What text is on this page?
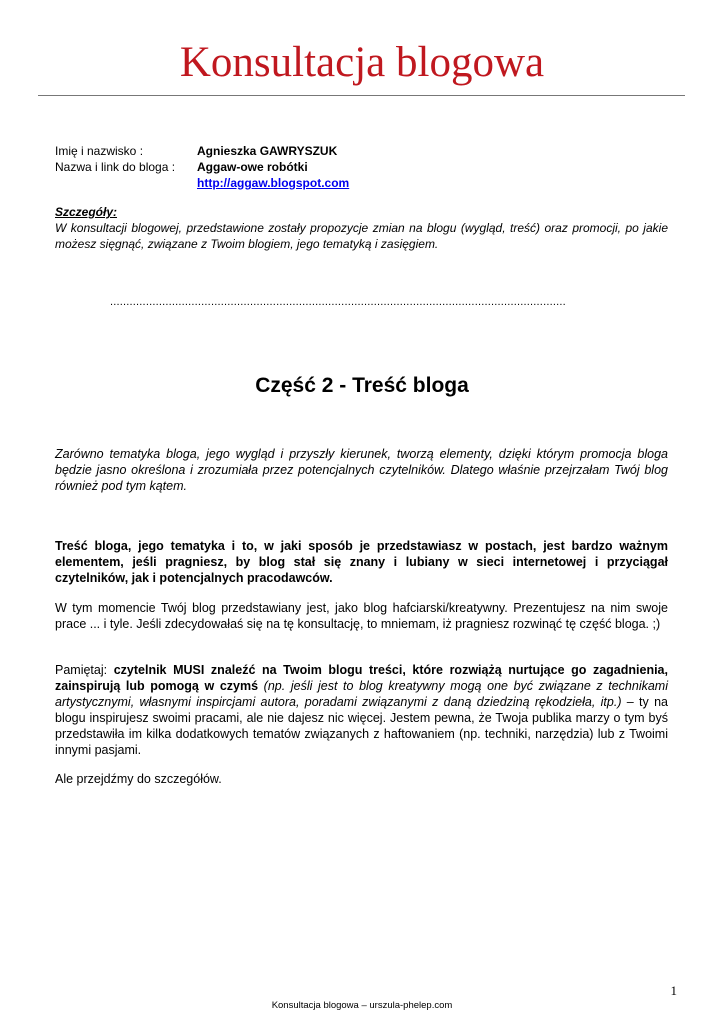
Konsultacja blogowa
Imię i nazwisko :	Agnieszka GAWRYSZUK
Nazwa i link do bloga :	Aggaw-owe robótki
http://aggaw.blogspot.com
Szczegóły:
W konsultacji blogowej, przedstawione zostały propozycje zmian na blogu (wygląd, treść) oraz promocji, po jakie możesz sięgnąć, związane z Twoim blogiem, jego tematyką i zasięgiem.
............................................................................................................................................
Część 2 - Treść bloga

Zarówno tematyka bloga, jego wygląd i przyszły kierunek, tworzą elementy, dzięki którym promocja bloga będzie jasno określona i zrozumiała przez potencjalnych czytelników. Dlatego właśnie przejrzałam Twój blog również pod tym kątem.

Treść bloga, jego tematyka i to, w jaki sposób je przedstawiasz w postach, jest bardzo ważnym elementem, jeśli pragniesz, by blog stał się znany i lubiany w sieci internetowej i przyciągał czytelników, jak i potencjalnych pracodawców.

W tym momencie Twój blog przedstawiany jest, jako blog hafciarski/kreatywny. Prezentujesz na nim swoje prace ... i tyle. Jeśli zdecydowałaś się na tę konsultację, to mniemam, iż pragniesz rozwinąć tę część bloga. ;)

Pamiętaj: czytelnik MUSI znaleźć na Twoim blogu treści, które rozwiążą nurtujące go zagadnienia, zainspirują lub pomogą w czymś (np. jeśli jest to blog kreatywny mogą one być związane z technikami artystycznymi, własnymi inspircjami autora, poradami związanymi z daną dziedziną rękodzieła, itp.) – ty na blogu inspirujesz swoimi pracami, ale nie dajesz nic więcej. Jestem pewna, że Twoja publika marzy o tym byś przedstawiła im kilka dodatkowych tematów związanych z haftowaniem (np. techniki, narzędzia) lub z Twoimi innymi pasjami.

Ale przejdźmy do szczegółów.

1
Konsultacja blogowa – urszula-phelep.com
